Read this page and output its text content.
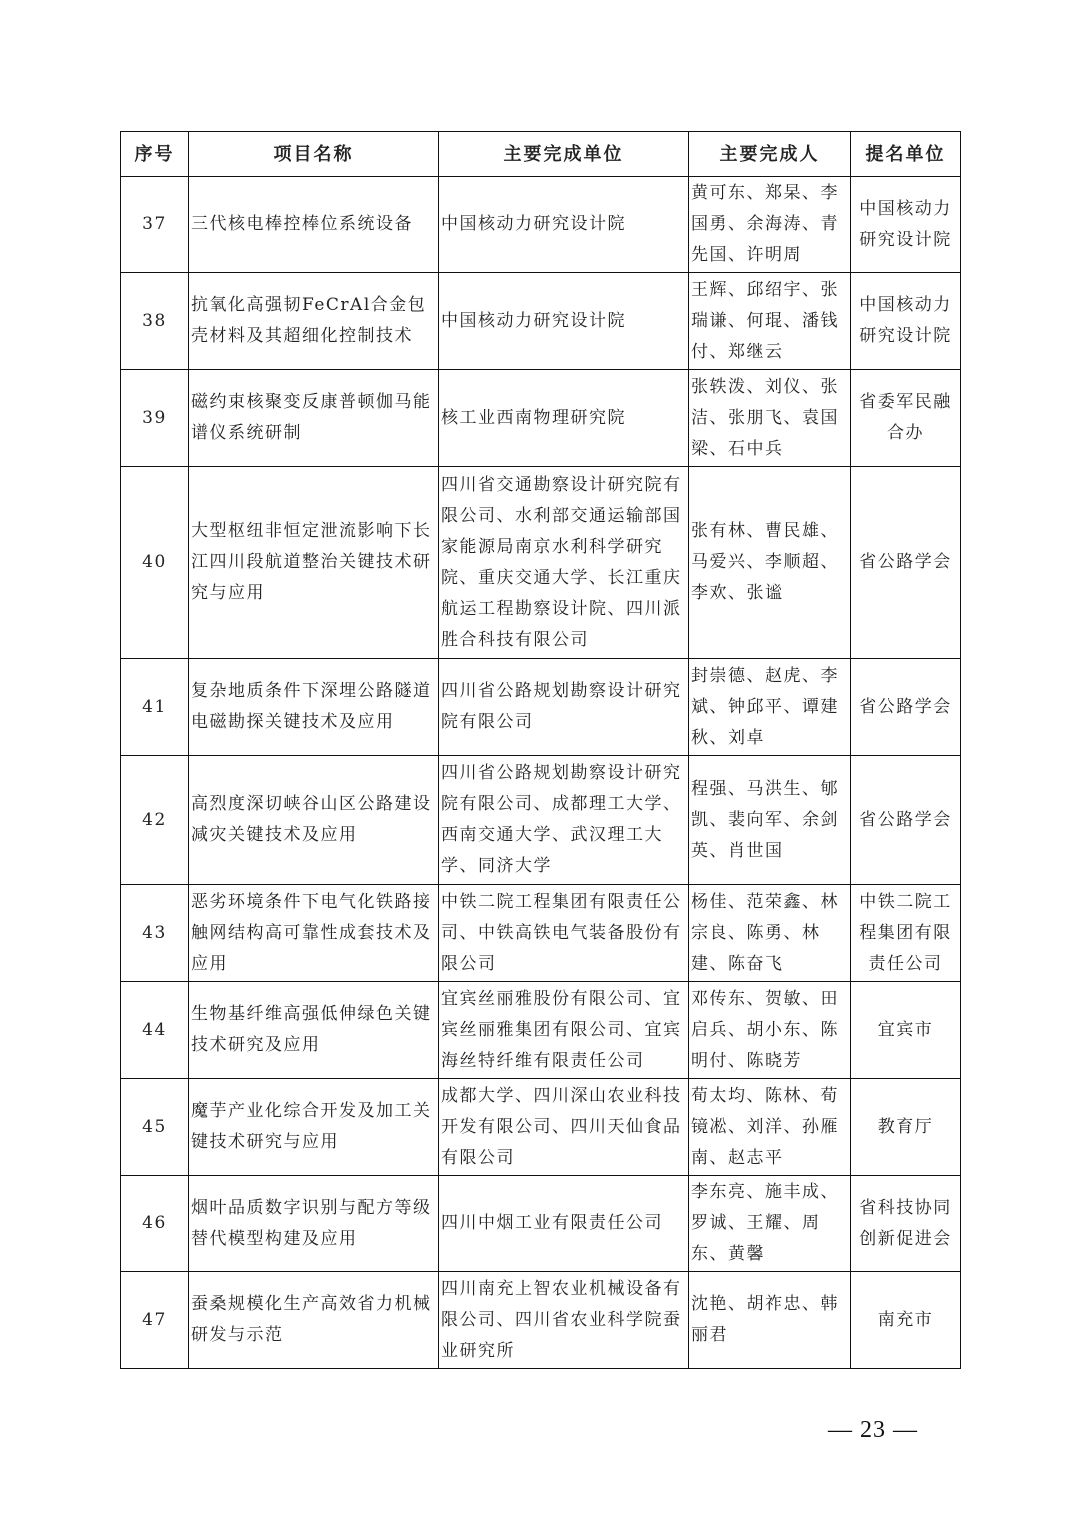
序号	项目名称	主要完成单位	主要完成人	提名单位
37	三代核电棒控棒位系统设备	中国核动力研究设计院	黄可东、郑杲、李国勇、余海涛、青先国、许明周	中国核动力研究设计院
38	抗氧化高强韧FeCrAl合金包壳材料及其超细化控制技术	中国核动力研究设计院	王辉、邱绍宇、张瑞谦、何琨、潘钱付、郑继云	中国核动力研究设计院
39	磁约束核聚变反康普顿伽马能谱仪系统研制	核工业西南物理研究院	张轶泼、刘仪、张洁、张朋飞、袁国梁、石中兵	省委军民融合办
40	大型枢纽非恒定泄流影响下长江四川段航道整治关键技术研究与应用	四川省交通勘察设计研究院有限公司、水利部交通运输部国家能源局南京水利科学研究院、重庆交通大学、长江重庆航运工程勘察设计院、四川派胜合科技有限公司	张有林、曹民雄、马爱兴、李顺超、李欢、张谧	省公路学会
41	复杂地质条件下深埋公路隧道电磁勘探关键技术及应用	四川省公路规划勘察设计研究院有限公司	封崇德、赵虎、李斌、钟邱平、谭建秋、刘卓	省公路学会
42	高烈度深切峡谷山区公路建设减灾关键技术及应用	四川省公路规划勘察设计研究院有限公司、成都理工大学、西南交通大学、武汉理工大学、同济大学	程强、马洪生、郇凯、裴向军、余剑英、肖世国	省公路学会
43	恶劣环境条件下电气化铁路接触网结构高可靠性成套技术及应用	中铁二院工程集团有限责任公司、中铁高铁电气装备股份有限公司	杨佳、范荣鑫、林宗良、陈勇、林建、陈奋飞	中铁二院工程集团有限责任公司
44	生物基纤维高强低伸绿色关键技术研究及应用	宜宾丝丽雅股份有限公司、宜宾丝丽雅集团有限公司、宜宾海丝特纤维有限责任公司	邓传东、贺敏、田启兵、胡小东、陈明付、陈晓芳	宜宾市
45	魔芋产业化综合开发及加工关键技术研究与应用	成都大学、四川深山农业科技开发有限公司、四川天仙食品有限公司	荀太均、陈林、荀镜凇、刘洋、孙雁南、赵志平	教育厅
46	烟叶品质数字识别与配方等级替代模型构建及应用	四川中烟工业有限责任公司	李东亮、施丰成、罗诚、王耀、周东、黄馨	省科技协同创新促进会
47	蚕桑规模化生产高效省力机械研发与示范	四川南充上智农业机械设备有限公司、四川省农业科学院蚕业研究所	沈艳、胡祚忠、韩丽君	南充市
— 23 —
